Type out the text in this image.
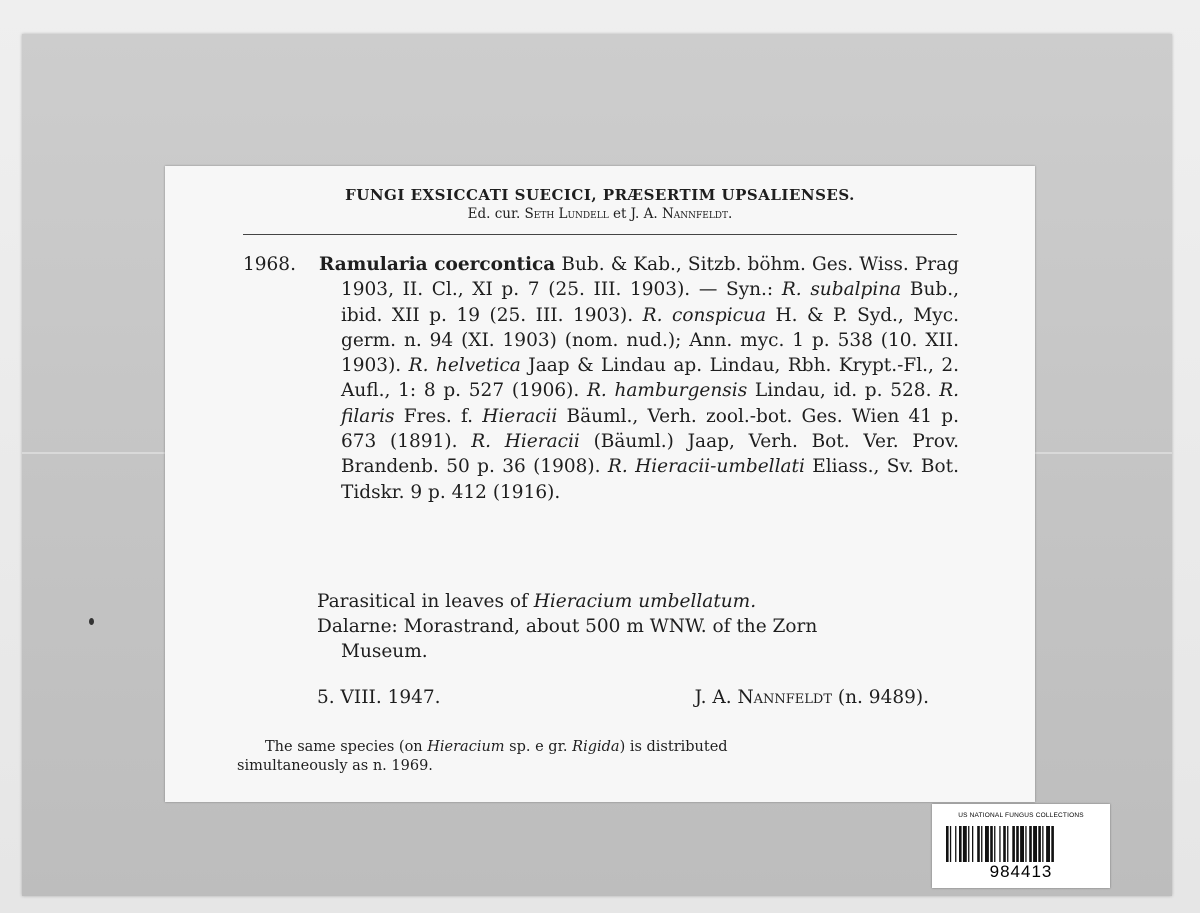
FUNGI EXSICCATI SUECICI, PRÆSERTIM UPSALIENSES.
Ed. cur. Seth Lundell et J. A. Nannfeldt.
1968. Ramularia coercontica Bub. & Kab., Sitzb. böhm. Ges. Wiss. Prag 1903, II. Cl., XI p. 7 (25. III. 1903). — Syn.: R. subalpina Bub., ibid. XII p. 19 (25. III. 1903). R. conspicua H. & P. Syd., Myc. germ. n. 94 (XI. 1903) (nom. nud.); Ann. myc. 1 p. 538 (10. XII. 1903). R. helvetica Jaap & Lindau ap. Lindau, Rbh. Krypt.-Fl., 2. Aufl., 1: 8 p. 527 (1906). R. hamburgensis Lindau, id. p. 528. R. filaris Fres. f. Hieracii Bäuml., Verh. zool.-bot. Ges. Wien 41 p. 673 (1891). R. Hieracii (Bäuml.) Jaap, Verh. Bot. Ver. Prov. Brandenb. 50 p. 36 (1908). R. Hieracii-umbellati Eliass., Sv. Bot. Tidskr. 9 p. 412 (1916).
Parasitical in leaves of Hieracium umbellatum.
Dalarne: Morastrand, about 500 m WNW. of the Zorn
Museum.
5. VIII. 1947.	J. A. Nannfeldt (n. 9489).
The same species (on Hieracium sp. e gr. Rigida) is distributed
simultaneously as n. 1969.
US NATIONAL FUNGUS COLLECTIONS
984413
